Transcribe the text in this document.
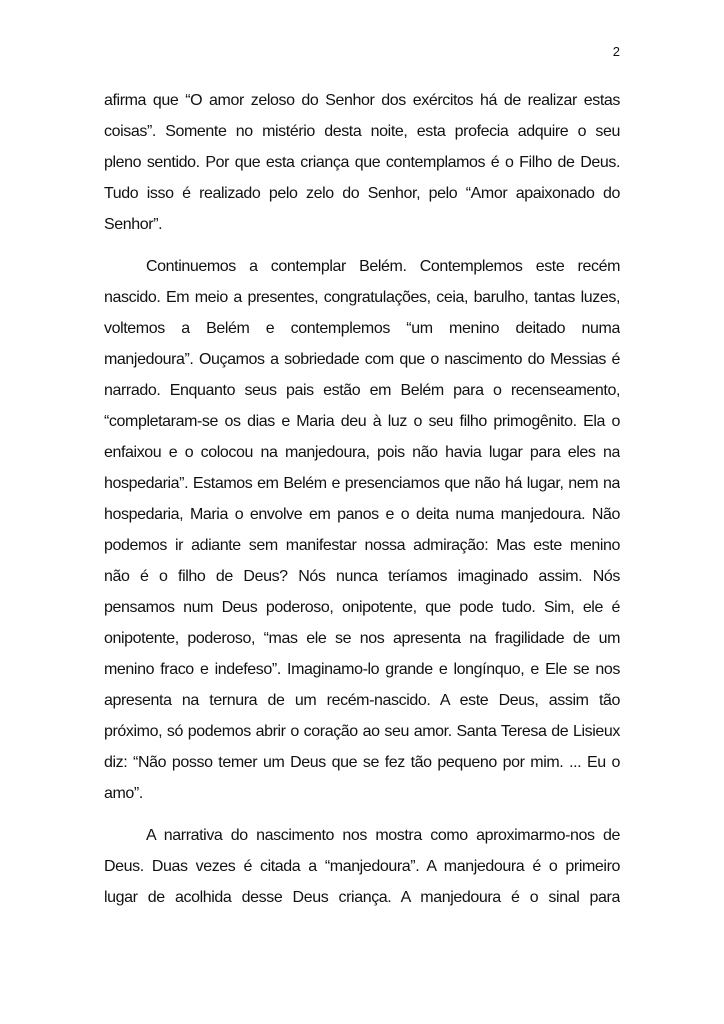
2

afirma que “O amor zeloso do Senhor dos exércitos há de realizar estas
coisas”. Somente no mistério desta noite, esta profecia adquire o seu
pleno sentido. Por que esta criança que contemplamos é o Filho de Deus.
Tudo isso é realizado pelo zelo do Senhor, pelo “Amor apaixonado do
Senhor”.

Continuemos a contemplar Belém. Contemplemos este recém
nascido. Em meio a presentes, congratulações, ceia, barulho, tantas luzes,
voltemos a Belém e contemplemos “um menino deitado numa
manjedoura”. Ouçamos a sobriedade com que o nascimento do Messias é
narrado. Enquanto seus pais estão em Belém para o recenseamento,
“completaram-se os dias e Maria deu à luz o seu filho primogênito. Ela o
enfaixou e o colocou na manjedoura, pois não havia lugar para eles na
hospedaria”. Estamos em Belém e presenciamos que não há lugar, nem na
hospedaria, Maria o envolve em panos e o deita numa manjedoura. Não
podemos ir adiante sem manifestar nossa admiração: Mas este menino
não é o filho de Deus? Nós nunca teríamos imaginado assim. Nós
pensamos num Deus poderoso, onipotente, que pode tudo. Sim, ele é
onipotente, poderoso, “mas ele se nos apresenta na fragilidade de um
menino fraco e indefeso”. Imaginamo-lo grande e longínquo, e Ele se nos
apresenta na ternura de um recém-nascido. A este Deus, assim tão
próximo, só podemos abrir o coração ao seu amor. Santa Teresa de Lisieux
diz: “Não posso temer um Deus que se fez tão pequeno por mim. ... Eu o
amo”.

A narrativa do nascimento nos mostra como aproximarmo-nos de
Deus. Duas vezes é citada a “manjedoura”. A manjedoura é o primeiro
lugar de acolhida desse Deus criança. A manjedoura é o sinal para
